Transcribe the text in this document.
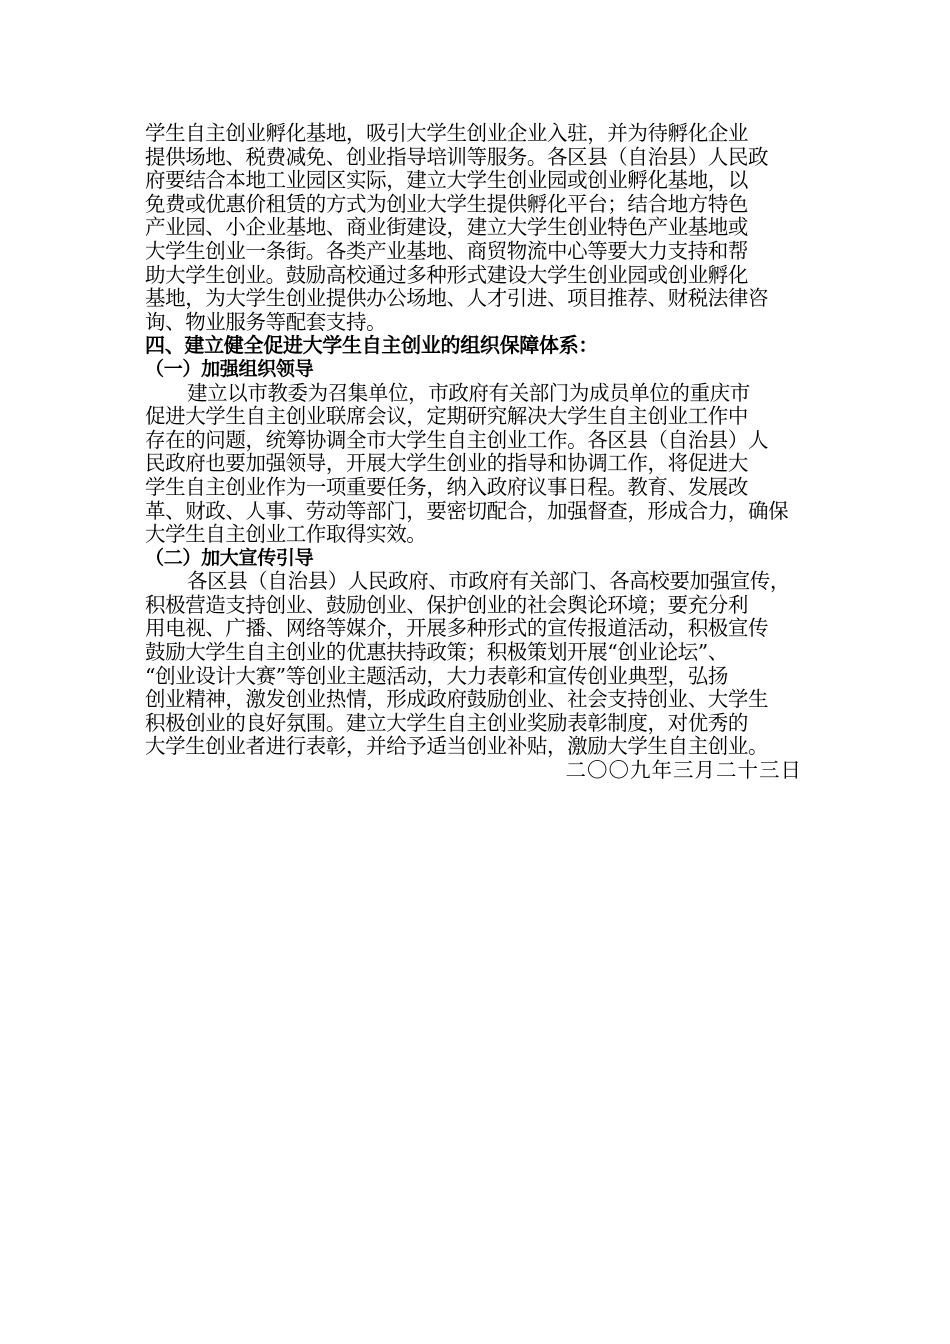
学生自主创业孵化基地，吸引大学生创业企业入驻，并为待孵化企业
提供场地、税费减免、创业指导培训等服务。各区县（自治县）人民政
府要结合本地工业园区实际，建立大学生创业园或创业孵化基地，以
免费或优惠价租赁的方式为创业大学生提供孵化平台；结合地方特色
产业园、小企业基地、商业街建设，建立大学生创业特色产业基地或
大学生创业一条街。各类产业基地、商贸物流中心等要大力支持和帮
助大学生创业。鼓励高校通过多种形式建设大学生创业园或创业孵化
基地，为大学生创业提供办公场地、人才引进、项目推荐、财税法律咨
询、物业服务等配套支持。
四、建立健全促进大学生自主创业的组织保障体系：
（一）加强组织领导
建立以市教委为召集单位，市政府有关部门为成员单位的重庆市
促进大学生自主创业联席会议，定期研究解决大学生自主创业工作中
存在的问题，统筹协调全市大学生自主创业工作。各区县（自治县）人
民政府也要加强领导，开展大学生创业的指导和协调工作，将促进大
学生自主创业作为一项重要任务，纳入政府议事日程。教育、发展改
革、财政、人事、劳动等部门，要密切配合，加强督查，形成合力，确保
大学生自主创业工作取得实效。
（二）加大宣传引导
各区县（自治县）人民政府、市政府有关部门、各高校要加强宣传，
积极营造支持创业、鼓励创业、保护创业的社会舆论环境；要充分利
用电视、广播、网络等媒介，开展多种形式的宣传报道活动，积极宣传
鼓励大学生自主创业的优惠扶持政策；积极策划开展“创业论坛”、
“创业设计大赛”等创业主题活动，大力表彰和宣传创业典型，弘扬
创业精神，激发创业热情，形成政府鼓励创业、社会支持创业、大学生
积极创业的良好氛围。建立大学生自主创业奖励表彰制度，对优秀的
大学生创业者进行表彰，并给予适当创业补贴，激励大学生自主创业。
二〇〇九年三月二十三日
